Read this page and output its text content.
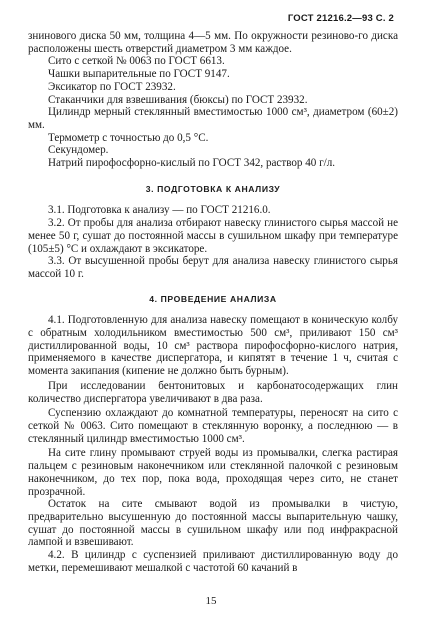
ГОСТ 21216.2—93 С. 2

знинового диска 50 мм, толщина 4—5 мм. По окружности резиново-го диска расположены шесть отверстий диаметром 3 мм каждое.

Сито с сеткой № 0063 по ГОСТ 6613.

Чашки выпарительные по ГОСТ 9147.

Эксикатор по ГОСТ 23932.

Стаканчики для взвешивания (бюксы) по ГОСТ 23932.

Цилиндр мерный стеклянный вместимостью 1000 см³, диаметром (60±2) мм.

Термометр с точностью до 0,5 °С.

Секундомер.

Натрий пирофосфорно-кислый по ГОСТ 342, раствор 40 г/л.

3. ПОДГОТОВКА К АНАЛИЗУ

3.1. Подготовка к анализу — по ГОСТ 21216.0.

3.2. От пробы для анализа отбирают навеску глинистого сырья массой не менее 50 г, сушат до постоянной массы в сушильном шкафу при температуре (105±5) °С и охлаждают в эксикаторе.

3.3. От высушенной пробы берут для анализа навеску глинистого сырья массой 10 г.

4. ПРОВЕДЕНИЕ АНАЛИЗА

4.1. Подготовленную для анализа навеску помещают в коническую колбу с обратным холодильником вместимостью 500 см³, приливают 150 см³ дистиллированной воды, 10 см³ раствора пирофосфорно-кислого натрия, применяемого в качестве диспергатора, и кипятят в течение 1 ч, считая с момента закипания (кипение не должно быть бурным).

При исследовании бентонитовых и карбонатосодержащих глин количество диспергатора увеличивают в два раза.

Суспензию охлаждают до комнатной температуры, переносят на сито с сеткой № 0063. Сито помещают в стеклянную воронку, а последнюю — в стеклянный цилиндр вместимостью 1000 см³.

На сите глину промывают струей воды из промывалки, слегка растирая пальцем с резиновым наконечником или стеклянной палочкой с резиновым наконечником, до тех пор, пока вода, проходящая через сито, не станет прозрачной.

Остаток на сите смывают водой из промывалки в чистую, предварительно высушенную до постоянной массы выпарительную чашку, сушат до постоянной массы в сушильном шкафу или под инфракрасной лампой и взвешивают.

4.2. В цилиндр с суспензией приливают дистиллированную воду до метки, перемешивают мешалкой с частотой 60 качаний в

15
